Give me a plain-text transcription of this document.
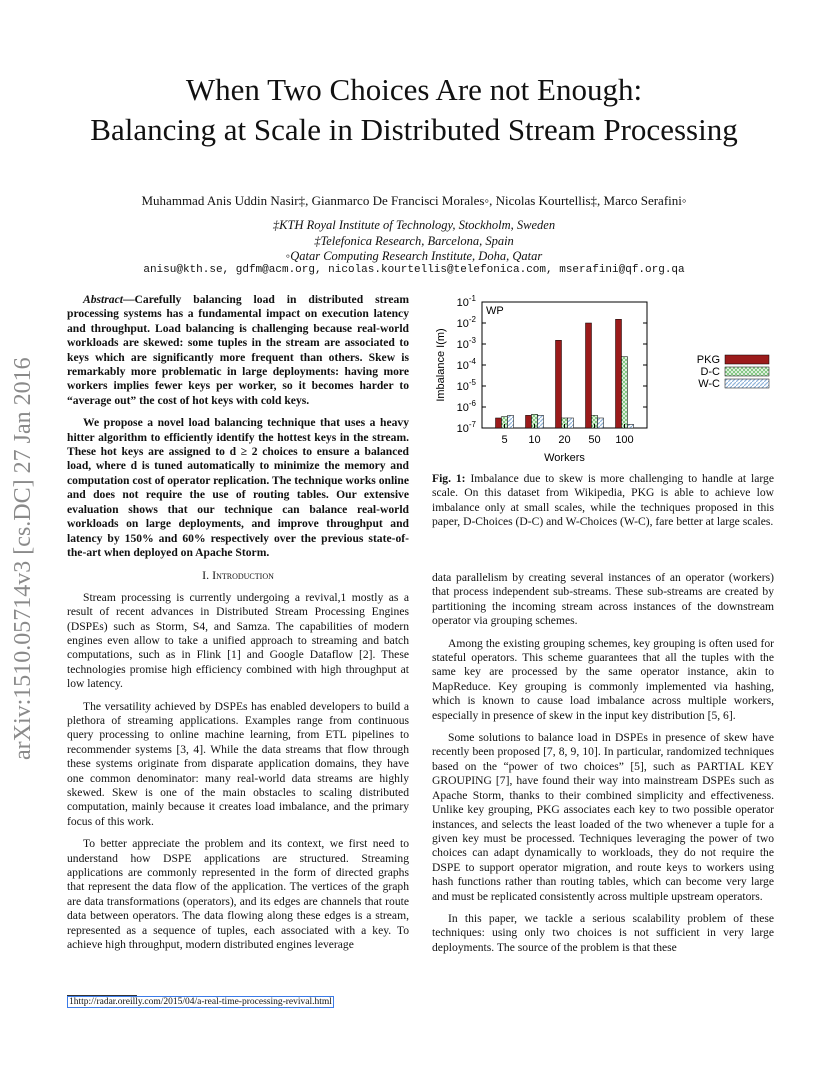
When Two Choices Are not Enough:
Balancing at Scale in Distributed Stream Processing
Muhammad Anis Uddin Nasir‡, Gianmarco De Francisci Morales◦, Nicolas Kourtellis‡, Marco Serafini◦
‡KTH Royal Institute of Technology, Stockholm, Sweden
‡Telefonica Research, Barcelona, Spain
◦Qatar Computing Research Institute, Doha, Qatar
anisu@kth.se, gdfm@acm.org, nicolas.kourtellis@telefonica.com, mserafini@qf.org.qa
arXiv:1510.05714v3 [cs.DC] 27 Jan 2016

Abstract—Carefully balancing load in distributed stream processing systems has a fundamental impact on execution latency and throughput. Load balancing is challenging because real-world workloads are skewed: some tuples in the stream are associated to keys which are significantly more frequent than others. Skew is remarkably more problematic in large deployments: having more workers implies fewer keys per worker, so it becomes harder to “average out” the cost of hot keys with cold keys.

We propose a novel load balancing technique that uses a heavy hitter algorithm to efficiently identify the hottest keys in the stream. These hot keys are assigned to d ≥ 2 choices to ensure a balanced load, where d is tuned automatically to minimize the memory and computation cost of operator replication. The technique works online and does not require the use of routing tables. Our extensive evaluation shows that our technique can balance real-world workloads on large deployments, and improve throughput and latency by 150% and 60% respectively over the previous state-of-the-art when deployed on Apache Storm.

I. Introduction

Stream processing is currently undergoing a revival,1 mostly as a result of recent advances in Distributed Stream Processing Engines (DSPEs) such as Storm, S4, and Samza. The capabilities of modern engines even allow to take a unified approach to streaming and batch computations, such as in Flink [1] and Google Dataflow [2]. These technologies promise high efficiency combined with high throughput at low latency.

The versatility achieved by DSPEs has enabled developers to build a plethora of streaming applications. Examples range from continuous query processing to online machine learning, from ETL pipelines to recommender systems [3, 4]. While the data streams that flow through these systems originate from disparate application domains, they have one common denominator: many real-world data streams are highly skewed. Skew is one of the main obstacles to scaling distributed computation, mainly because it creates load imbalance, and the primary focus of this work.

To better appreciate the problem and its context, we first need to understand how DSPE applications are structured. Streaming applications are commonly represented in the form of directed graphs that represent the data flow of the application. The vertices of the graph are data transformations (operators), and its edges are channels that route data between operators. The data flowing along these edges is a stream, represented as a sequence of tuples, each associated with a key. To achieve high throughput, modern distributed engines leverage

1http://radar.oreilly.com/2015/04/a-real-time-processing-revival.html
$10^{-7}$
$10^{-6}$
$10^{-5}$
$10^{-4}$
$10^{-3}$
$10^{-2}$
$10^{-1}$
Imbalance I(m)
WP
5 10 20 50 100
Workers
PKG
D-C
W-C
Fig. 1: Imbalance due to skew is more challenging to handle at large scale. On this dataset from Wikipedia, PKG is able to achieve low imbalance only at small scales, while the techniques proposed in this paper, D-Choices (D-C) and W-Choices (W-C), fare better at large scales.

data parallelism by creating several instances of an operator (workers) that process independent sub-streams. These sub-streams are created by partitioning the incoming stream across instances of the downstream operator via grouping schemes.

Among the existing grouping schemes, key grouping is often used for stateful operators. This scheme guarantees that all the tuples with the same key are processed by the same operator instance, akin to MapReduce. Key grouping is commonly implemented via hashing, which is known to cause load imbalance across multiple workers, especially in presence of skew in the input key distribution [5, 6].

Some solutions to balance load in DSPEs in presence of skew have recently been proposed [7, 8, 9, 10]. In particular, randomized techniques based on the “power of two choices” [5], such as PARTIAL KEY GROUPING [7], have found their way into mainstream DSPEs such as Apache Storm, thanks to their combined simplicity and effectiveness. Unlike key grouping, PKG associates each key to two possible operator instances, and selects the least loaded of the two whenever a tuple for a given key must be processed. Techniques leveraging the power of two choices can adapt dynamically to workloads, they do not require the DSPE to support operator migration, and route keys to workers using hash functions rather than routing tables, which can become very large and must be replicated consistently across multiple upstream operators.

In this paper, we tackle a serious scalability problem of these techniques: using only two choices is not sufficient in very large deployments. The source of the problem is that these
